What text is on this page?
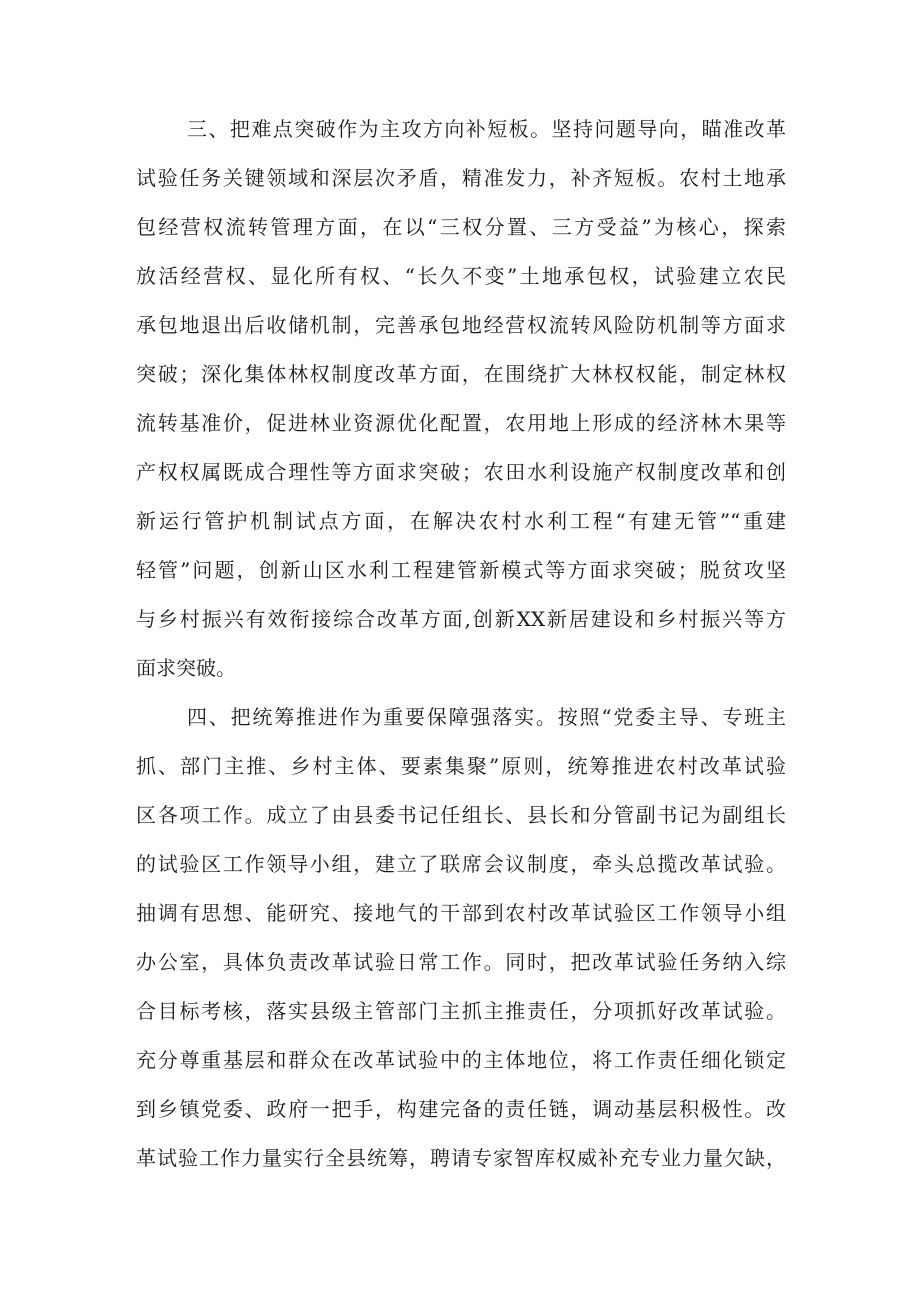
三、把难点突破作为主攻方向补短板。坚持问题导向，瞄准改革

试验任务关键领域和深层次矛盾，精准发力，补齐短板。农村土地承

包经营权流转管理方面，在以“三权分置、三方受益”为核心，探索

放活经营权、显化所有权、“长久不变”土地承包权，试验建立农民

承包地退出后收储机制，完善承包地经营权流转风险防机制等方面求

突破；深化集体林权制度改革方面，在围绕扩大林权权能，制定林权

流转基准价，促进林业资源优化配置，农用地上形成的经济林木果等

产权权属既成合理性等方面求突破；农田水利设施产权制度改革和创

新运行管护机制试点方面，在解决农村水利工程“有建无管”“重建

轻管”问题，创新山区水利工程建管新模式等方面求突破；脱贫攻坚

与乡村振兴有效衔接综合改革方面,创新XX新居建设和乡村振兴等方

面求突破。

四、把统筹推进作为重要保障强落实。按照“党委主导、专班主

抓、部门主推、乡村主体、要素集聚”原则，统筹推进农村改革试验

区各项工作。成立了由县委书记任组长、县长和分管副书记为副组长

的试验区工作领导小组，建立了联席会议制度，牵头总揽改革试验。

抽调有思想、能研究、接地气的干部到农村改革试验区工作领导小组

办公室，具体负责改革试验日常工作。同时，把改革试验任务纳入综

合目标考核，落实县级主管部门主抓主推责任，分项抓好改革试验。

充分尊重基层和群众在改革试验中的主体地位，将工作责任细化锁定

到乡镇党委、政府一把手，构建完备的责任链，调动基层积极性。改

革试验工作力量实行全县统筹，聘请专家智库权威补充专业力量欠缺，
